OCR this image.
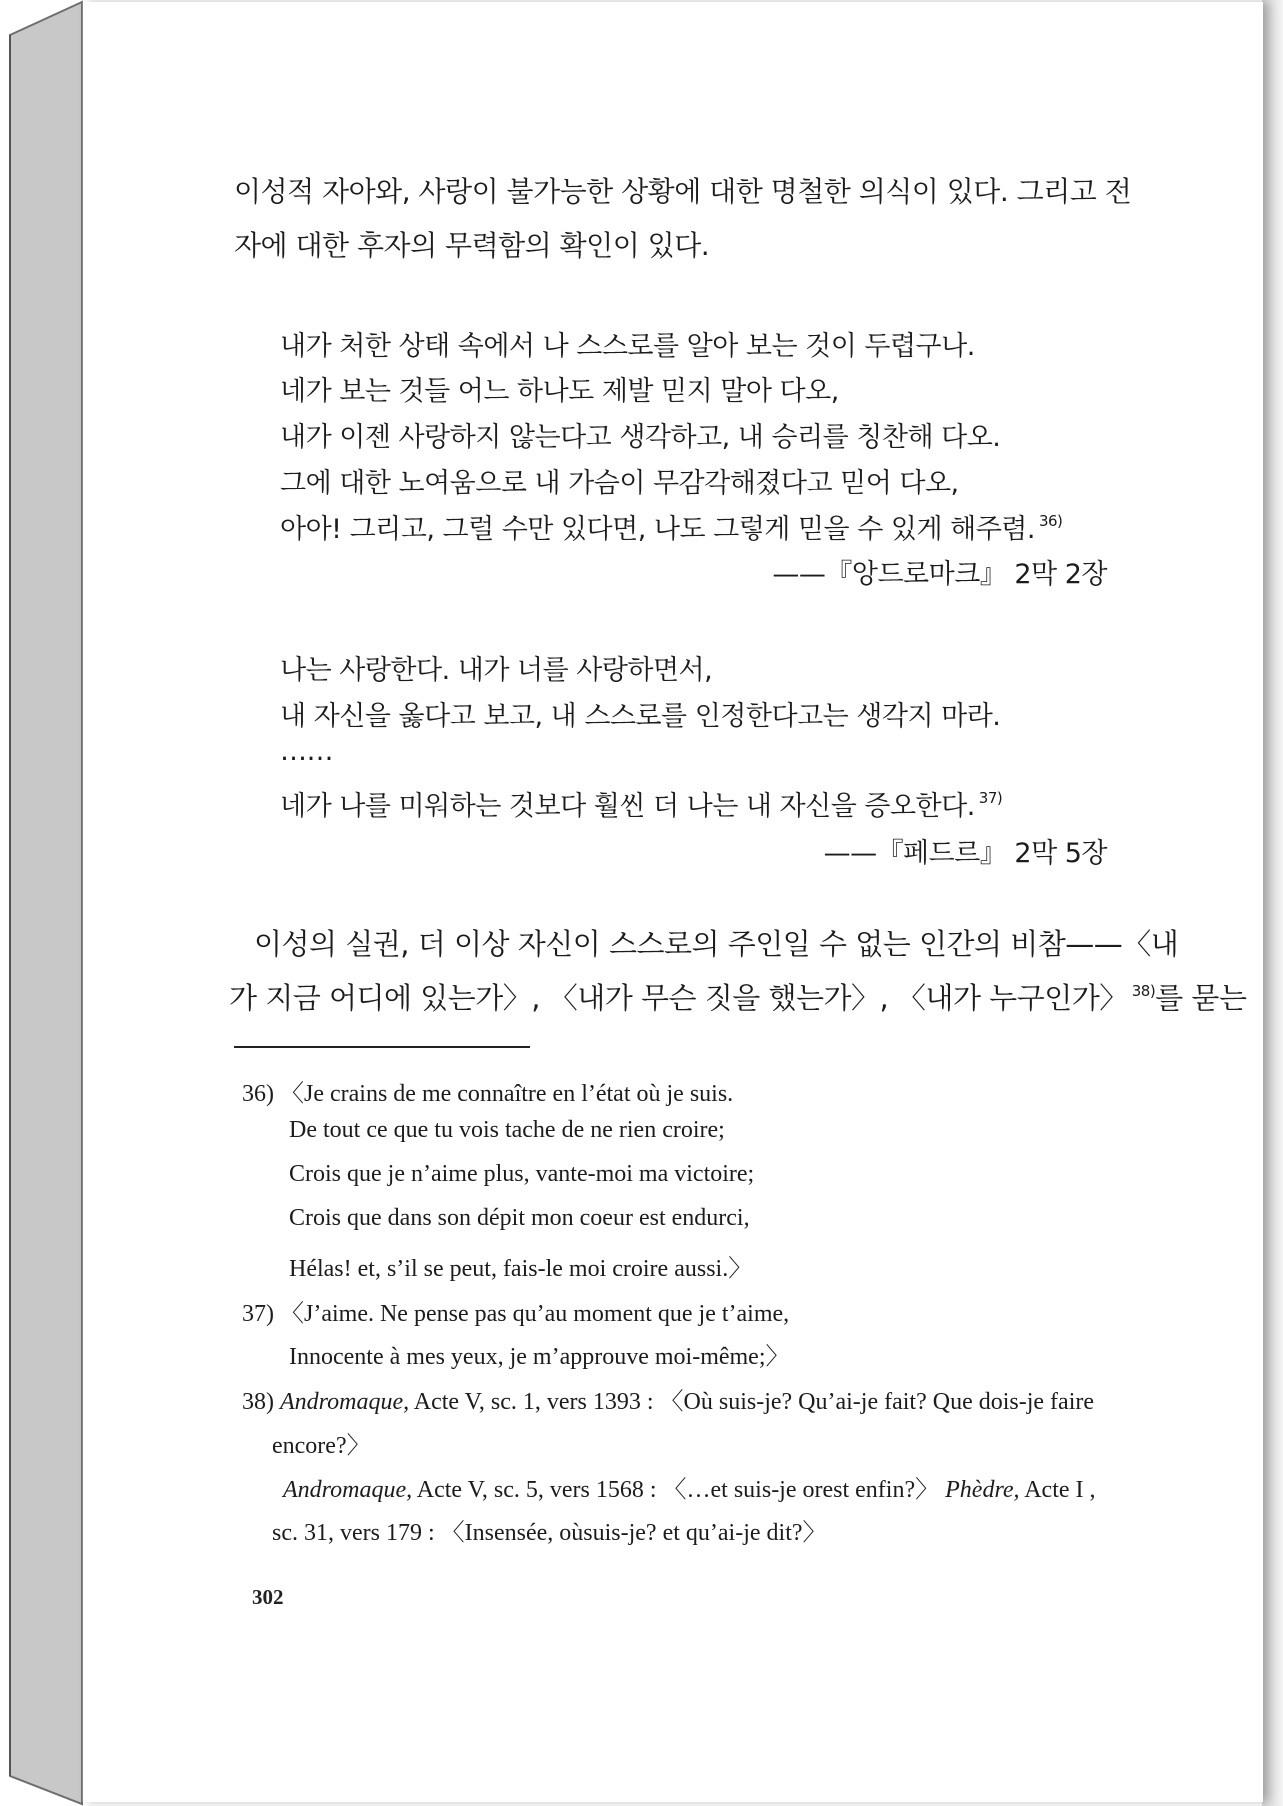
이성적 자아와, 사랑이 불가능한 상황에 대한 명철한 의식이 있다. 그리고 전
자에 대한 후자의 무력함의 확인이 있다.
내가 처한 상태 속에서 나 스스로를 알아 보는 것이 두렵구나.
네가 보는 것들 어느 하나도 제발 믿지 말아 다오,
내가 이젠 사랑하지 않는다고 생각하고, 내 승리를 칭찬해 다오.
그에 대한 노여움으로 내 가슴이 무감각해졌다고 믿어 다오,
아아! 그리고, 그럴 수만 있다면, 나도 그렇게 믿을 수 있게 해주렴. $^{36)}$
——『앙드로마크』 2막 2장
나는 사랑한다. 내가 너를 사랑하면서,
내 자신을 옳다고 보고, 내 스스로를 인정한다고는 생각지 마라.
……
네가 나를 미워하는 것보다 훨씬 더 나는 내 자신을 증오한다. $^{37)}$
——『페드르』 2막 5장
이성의 실권, 더 이상 자신이 스스로의 주인일 수 없는 인간의 비참——〈내
가 지금 어디에 있는가〉, 〈내가 무슨 짓을 했는가〉, 〈내가 누구인가〉 $^{38)}$를 묻는
36) 〈Je crains de me connaître en l’état où je suis.
De tout ce que tu vois tache de ne rien croire;
Crois que je n’aime plus, vante-moi ma victoire;
Crois que dans son dépit mon coeur est endurci,
Hélas! et, s’il se peut, fais-le moi croire aussi.〉
37) 〈J’aime. Ne pense pas qu’au moment que je t’aime,
Innocente à mes yeux, je m’approuve moi-même;〉
38) Andromaque, Acte V, sc. 1, vers 1393 : 〈Où suis-je? Qu’ai-je fait? Que dois-je faire
encore?〉
Andromaque, Acte V, sc. 5, vers 1568 : 〈…et suis-je orest enfin?〉 Phèdre, Acte I ,
sc. 31, vers 179 : 〈Insensée, oùsuis-je? et qu’ai-je dit?〉
302
